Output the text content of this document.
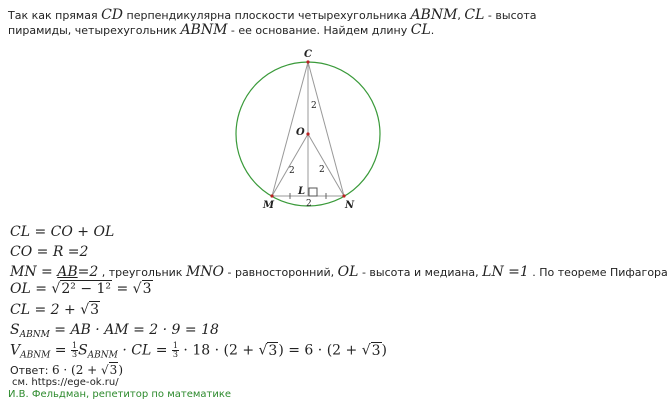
Так как прямая CD перпендикулярна плоскости четырехугольника ABNM, CL - высота пирамиды, четырехугольник ABNM - ее основание. Найдем длину CL.
C
O
L
M	N
2
2	2
2
CL = CO + OL
CO = R =2
MN = AB=2 , треугольник MNO - равносторонний, OL - высота и медиана, LN =1 . По теореме Пифагора
OL = √2² − 1² = √3
CL = 2 + √3
$S_{ABNM}$ = AB · AM = 2 · 9 = 18
$V_{ABNM} = \frac{1}{3} S_{ABNM}$ · CL = $\frac{1}{3} \cdot 18 \cdot (2 + √3) = 6 \cdot (2 + √3)$
Ответ: 6 · (2 + √3)
см. https://ege-ok.ru/
И.В. Фельдман, репетитор по математике
